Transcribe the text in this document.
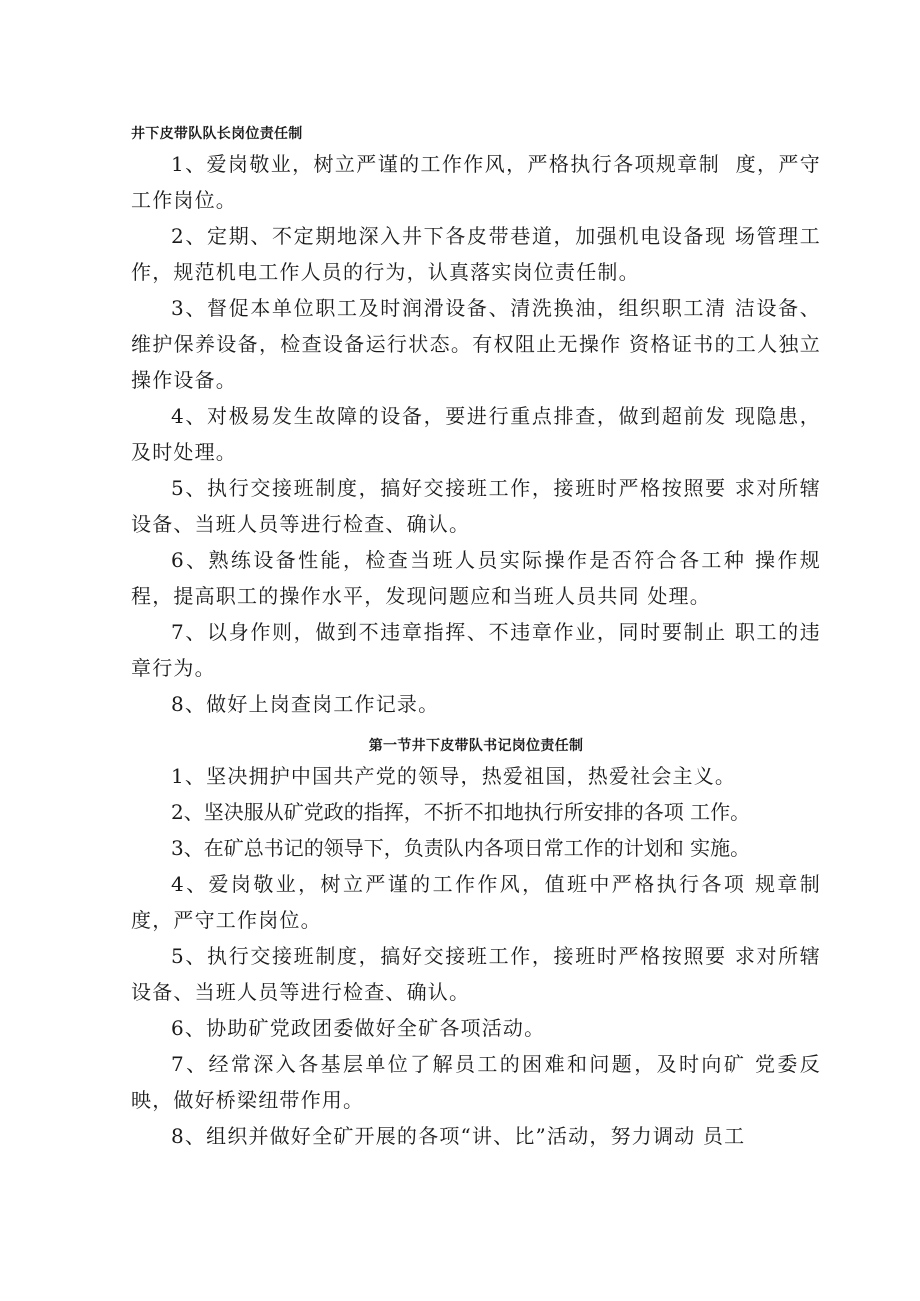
井下皮带队队长岗位责任制

1、爱岗敬业，树立严谨的工作作风，严格执行各项规章制  度，严守工作岗位。

2、定期、不定期地深入井下各皮带巷道，加强机电设备现 场管理工作，规范机电工作人员的行为，认真落实岗位责任制。

3、督促本单位职工及时润滑设备、清洗换油，组织职工清 洁设备、维护保养设备，检查设备运行状态。有权阻止无操作 资格证书的工人独立操作设备。

4、对极易发生故障的设备，要进行重点排查，做到超前发 现隐患，及时处理。

5、执行交接班制度，搞好交接班工作，接班时严格按照要 求对所辖设备、当班人员等进行检查、确认。

6、熟练设备性能，检查当班人员实际操作是否符合各工种 操作规程，提高职工的操作水平，发现问题应和当班人员共同 处理。

7、以身作则，做到不违章指挥、不违章作业，同时要制止 职工的违章行为。

8、做好上岗查岗工作记录。

第一节井下皮带队书记岗位责任制

1、坚决拥护中国共产党的领导，热爱祖国，热爱社会主义。

2、坚决服从矿党政的指挥，不折不扣地执行所安排的各项 工作。

3、在矿总书记的领导下，负责队内各项日常工作的计划和 实施。

4、爱岗敬业，树立严谨的工作作风，值班中严格执行各项 规章制度，严守工作岗位。

5、执行交接班制度，搞好交接班工作，接班时严格按照要 求对所辖设备、当班人员等进行检查、确认。

6、协助矿党政团委做好全矿各项活动。

7、经常深入各基层单位了解员工的困难和问题，及时向矿 党委反映，做好桥梁纽带作用。

8、组织并做好全矿开展的各项“讲、比”活动，努力调动 员工
